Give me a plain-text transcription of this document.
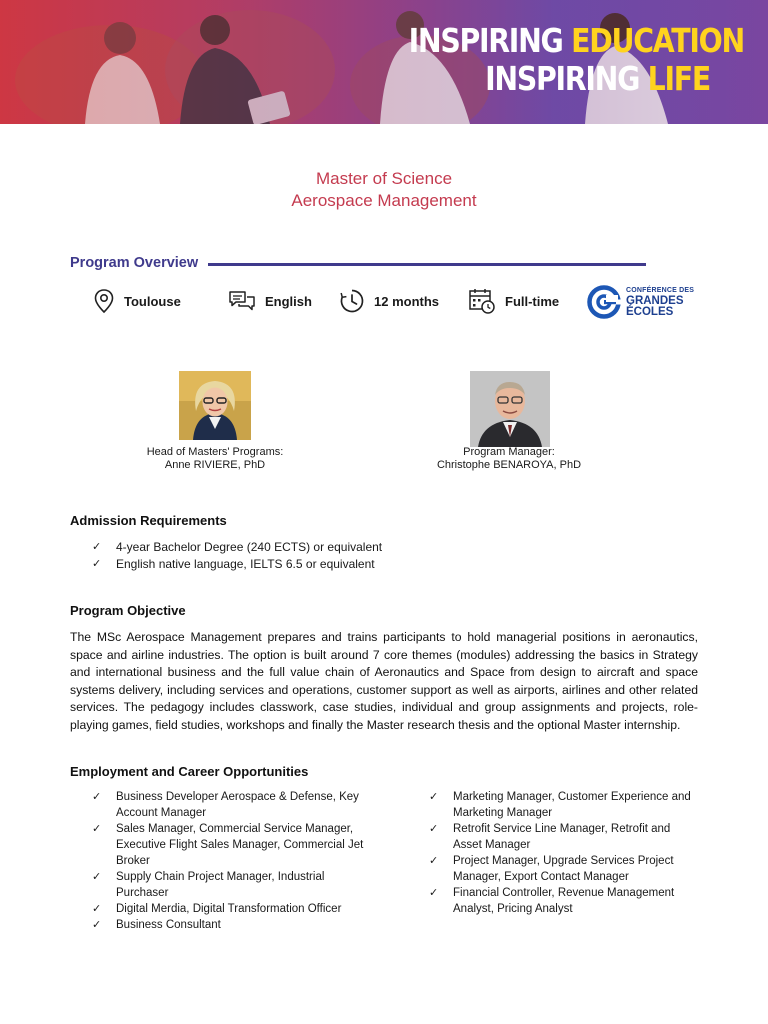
INSPIRING EDUCATION
INSPIRING LIFE
Master of Science
Aerospace Management
Program Overview
Toulouse	English	12 months	Full-time
CONFÉRENCE DES
GRANDES
ÉCOLES
Head of Masters' Programs:
Anne RIVIERE, PhD
Program Manager:
Christophe BENAROYA, PhD
Admission Requirements
✓ 4-year Bachelor Degree (240 ECTS) or equivalent
✓ English native language, IELTS 6.5 or equivalent
Program Objective

The MSc Aerospace Management prepares and trains participants to hold managerial positions in aeronautics, space and airline industries. The option is built around 7 core themes (modules) addressing the basics in Strategy and international business and the full value chain of Aeronautics and Space from design to aircraft and space systems delivery, including services and operations, customer support as well as airports, airlines and other related services. The pedagogy includes classwork, case studies, individual and group assignments and projects, role-playing games, field studies, workshops and finally the Master research thesis and the optional Master internship.

Employment and Career Opportunities
✓ Business Developer Aerospace & Defense, Key Account Manager
✓ Sales Manager, Commercial Service Manager, Executive Flight Sales Manager, Commercial Jet Broker
✓ Supply Chain Project Manager, Industrial Purchaser
✓ Digital Merdia, Digital Transformation Officer
✓ Business Consultant
✓ Marketing Manager, Customer Experience and Marketing Manager
✓ Retrofit Service Line Manager, Retrofit and Asset Manager
✓ Project Manager, Upgrade Services Project Manager, Export Contact Manager
✓ Financial Controller, Revenue Management Analyst, Pricing Analyst
